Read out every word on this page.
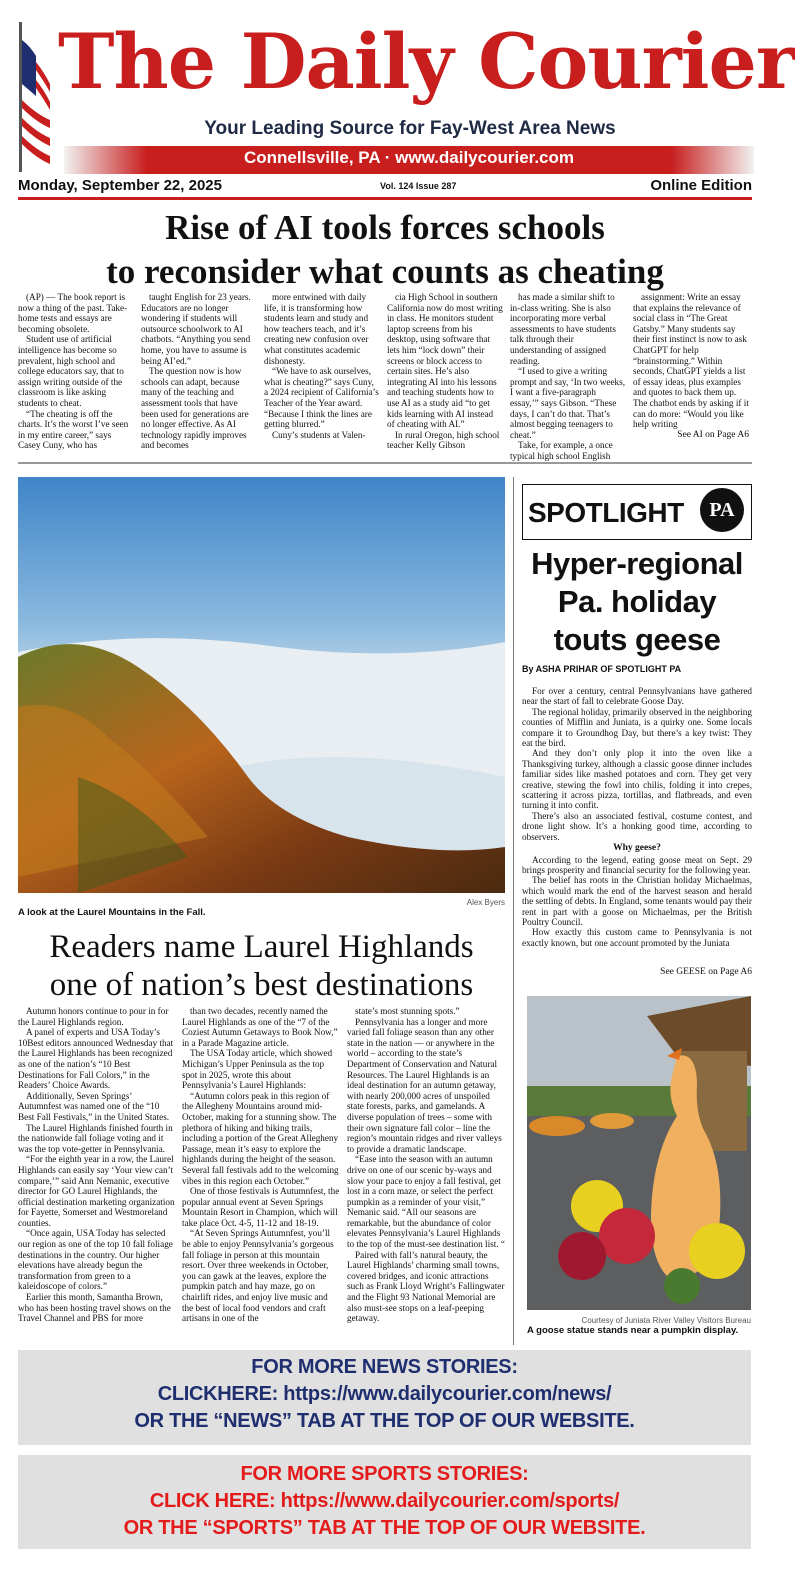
The Daily Courier
Your Leading Source for Fay-West Area News
Connellsville, PA · www.dailycourier.com
Monday, September 22, 2025	Vol. 124 Issue 287	Online Edition
Rise of AI tools forces schools
to reconsider what counts as cheating

(AP) — The book report is now a thing of the past. Take-home tests and essays are becoming obsolete.

Student use of artificial intelligence has become so prevalent, high school and college educators say, that to assign writing outside of the classroom is like asking students to cheat.

“The cheating is off the charts. It’s the worst I’ve seen in my entire career,” says Casey Cuny, who has

taught English for 23 years. Educators are no longer wondering if students will outsource schoolwork to AI chatbots. “Anything you send home, you have to assume is being AI’ed.”

The question now is how schools can adapt, because many of the teaching and assessment tools that have been used for generations are no longer effective. As AI technology rapidly improves and becomes

more entwined with daily life, it is transforming how students learn and study and how teachers teach, and it’s creating new confusion over what constitutes academic dishonesty.

“We have to ask ourselves, what is cheating?” says Cuny, a 2024 recipient of California’s Teacher of the Year award. “Because I think the lines are getting blurred.”

Cuny’s students at Valen-

cia High School in southern California now do most writing in class. He monitors student laptop screens from his desktop, using software that lets him “lock down” their screens or block access to certain sites. He’s also integrating AI into his lessons and teaching students how to use AI as a study aid “to get kids learning with AI instead of cheating with AI.”

In rural Oregon, high school teacher Kelly Gibson

has made a similar shift to in-class writing. She is also incorporating more verbal assessments to have students talk through their understanding of assigned reading.

“I used to give a writing prompt and say, ‘In two weeks, I want a five-paragraph essay,’” says Gibson. “These days, I can’t do that. That’s almost begging teenagers to cheat.”

Take, for example, a once typical high school English

assignment: Write an essay that explains the relevance of social class in “The Great Gatsby.” Many students say their first instinct is now to ask ChatGPT for help “brainstorming.” Within seconds, ChatGPT yields a list of essay ideas, plus examples and quotes to back them up. The chatbot ends by asking if it can do more: “Would you like help writing

See AI on Page A6
Alex Byers
A look at the Laurel Mountains in the Fall.
Readers name Laurel Highlands
one of nation’s best destinations

Autumn honors continue to pour in for the Laurel Highlands region.

A panel of experts and USA Today’s 10Best editors announced Wednesday that the Laurel Highlands has been recognized as one of the nation’s “10 Best Destinations for Fall Colors,” in the Readers’ Choice Awards.

Additionally, Seven Springs’ Autumnfest was named one of the “10 Best Fall Festivals,” in the United States.

The Laurel Highlands finished fourth in the nationwide fall foliage voting and it was the top vote-getter in Pennsylvania.

“For the eighth year in a row, the Laurel Highlands can easily say ‘Your view can’t compare,’” said Ann Nemanic, executive director for GO Laurel Highlands, the official destination marketing organization for Fayette, Somerset and Westmoreland counties.

“Once again, USA Today has selected our region as one of the top 10 fall foliage destinations in the country. Our higher elevations have already begun the transformation from green to a kaleidoscope of colors.”

Earlier this month, Samantha Brown, who has been hosting travel shows on the Travel Channel and PBS for more

than two decades, recently named the Laurel Highlands as one of the “7 of the Coziest Autumn Getaways to Book Now,” in a Parade Magazine article.

The USA Today article, which showed Michigan’s Upper Peninsula as the top spot in 2025, wrote this about Pennsylvania’s Laurel Highlands:

“Autumn colors peak in this region of the Allegheny Mountains around mid-October, making for a stunning show. The plethora of hiking and biking trails, including a portion of the Great Allegheny Passage, mean it’s easy to explore the highlands during the height of the season. Several fall festivals add to the welcoming vibes in this region each October.”

One of those festivals is Autumnfest, the popular annual event at Seven Springs Mountain Resort in Champion, which will take place Oct. 4-5, 11-12 and 18-19.

“At Seven Springs Autumnfest, you’ll be able to enjoy Pennsylvania’s gorgeous fall foliage in person at this mountain resort. Over three weekends in October, you can gawk at the leaves, explore the pumpkin patch and hay maze, go on chairlift rides, and enjoy live music and the best of local food vendors and craft artisans in one of the

state’s most stunning spots.”

Pennsylvania has a longer and more varied fall foliage season than any other state in the nation — or anywhere in the world – according to the state’s Department of Conservation and Natural Resources. The Laurel Highlands is an ideal destination for an autumn getaway, with nearly 200,000 acres of unspoiled state forests, parks, and gamelands. A diverse population of trees – some with their own signature fall color – line the region’s mountain ridges and river valleys to provide a dramatic landscape.

“Ease into the season with an autumn drive on one of our scenic by-ways and slow your pace to enjoy a fall festival, get lost in a corn maze, or select the perfect pumpkin as a reminder of your visit,” Nemanic said. “All our seasons are remarkable, but the abundance of color elevates Pennsylvania’s Laurel Highlands to the top of the must-see destination list. “

Paired with fall’s natural beauty, the Laurel Highlands’ charming small towns, covered bridges, and iconic attractions such as Frank Lloyd Wright’s Fallingwater and the Flight 93 National Memorial are also must-see stops on a leaf-peeping getaway.

SPOTLIGHT	PA
Hyper-regional
Pa. holiday
touts geese
By ASHA PRIHAR OF SPOTLIGHT PA

For over a century, central Pennsylvanians have gathered near the start of fall to celebrate Goose Day.

The regional holiday, primarily observed in the neighboring counties of Mifflin and Juniata, is a quirky one. Some locals compare it to Groundhog Day, but there’s a key twist: They eat the bird.

And they don’t only plop it into the oven like a Thanksgiving turkey, although a classic goose dinner includes familiar sides like mashed potatoes and corn. They get very creative, stewing the fowl into chilis, folding it into crepes, scattering it across pizza, tortillas, and flatbreads, and even turning it into confit.

There’s also an associated festival, costume contest, and drone light show. It’s a honking good time, according to observers.

Why geese?

According to the legend, eating goose meat on Sept. 29 brings prosperity and financial security for the following year.

The belief has roots in the Christian holiday Michaelmas, which would mark the end of the harvest season and herald the settling of debts. In England, some tenants would pay their rent in part with a goose on Michaelmas, per the British Poultry Council.

How exactly this custom came to Pennsylvania is not exactly known, but one account promoted by the Juniata

See GEESE on Page A6
Courtesy of Juniata River Valley Visitors Bureau
A goose statue stands near a pumpkin display.
FOR MORE NEWS STORIES:
CLICKHERE: https://www.dailycourier.com/news/
OR THE “NEWS” TAB AT THE TOP OF OUR WEBSITE.
FOR MORE SPORTS STORIES:
CLICK HERE: https://www.dailycourier.com/sports/
OR THE “SPORTS” TAB AT THE TOP OF OUR WEBSITE.
